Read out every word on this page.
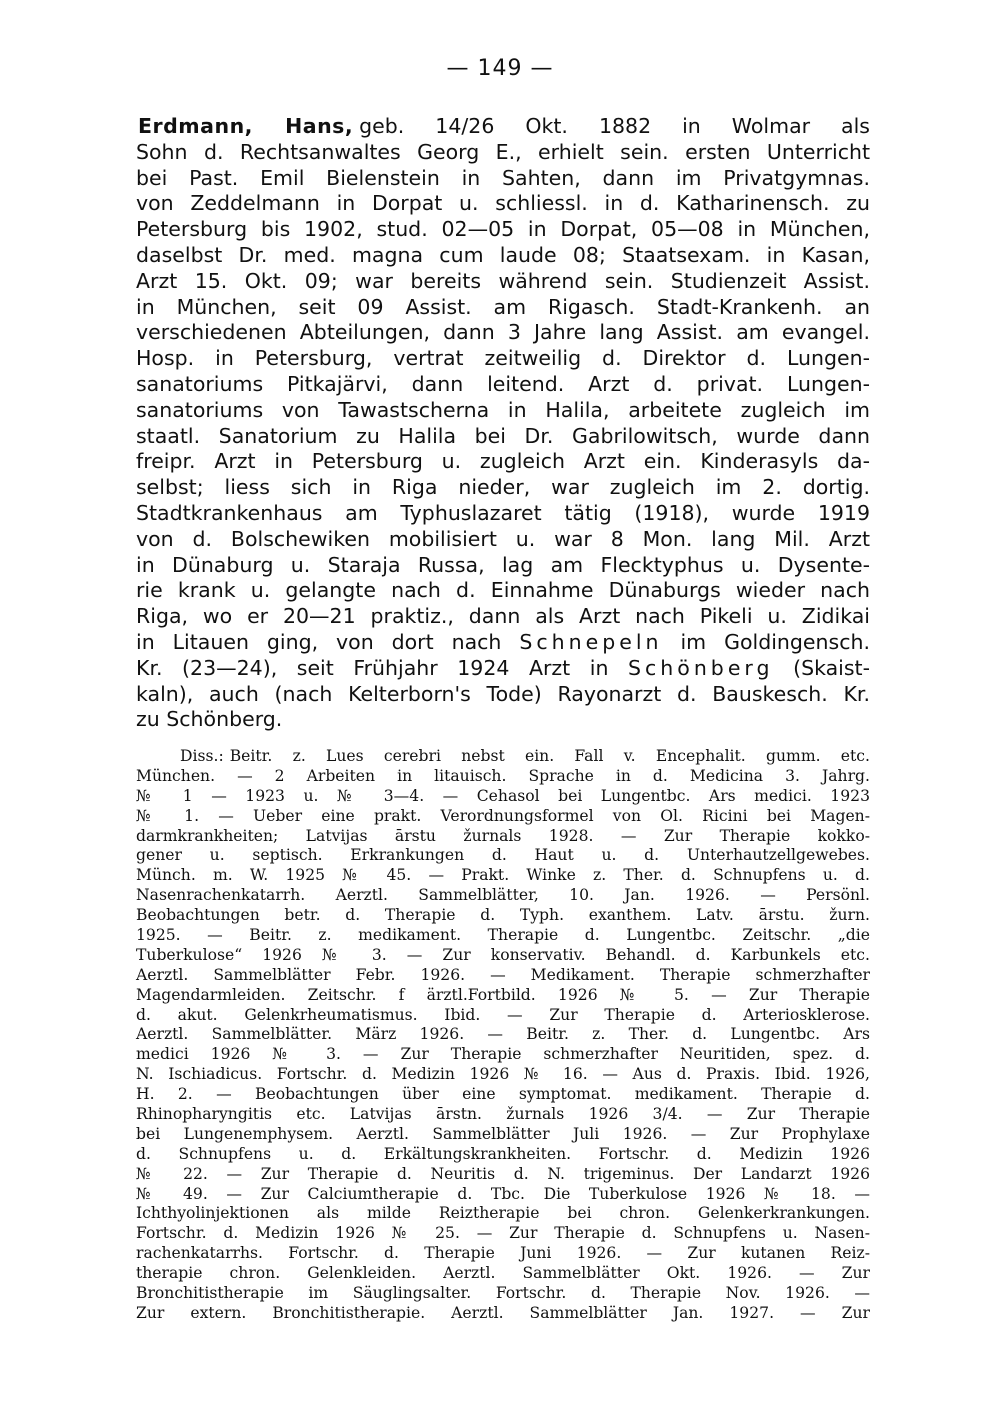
— 149 —
Erdmann, Hans, geb. 14/26 Okt. 1882 in Wolmar als
Sohn d. Rechtsanwaltes Georg E., erhielt sein. ersten Unterricht
bei Past. Emil Bielenstein in Sahten, dann im Privatgymnas.
von Zeddelmann in Dorpat u. schliessl. in d. Katharinensch. zu
Petersburg bis 1902, stud. 02—05 in Dorpat, 05—08 in München,
daselbst Dr. med. magna cum laude 08; Staatsexam. in Kasan,
Arzt 15. Okt. 09; war bereits während sein. Studienzeit Assist.
in München, seit 09 Assist. am Rigasch. Stadt-Krankenh. an
verschiedenen Abteilungen, dann 3 Jahre lang Assist. am evangel.
Hosp. in Petersburg, vertrat zeitweilig d. Direktor d. Lungen-
sanatoriums Pitkajärvi, dann leitend. Arzt d. privat. Lungen-
sanatoriums von Tawastscherna in Halila, arbeitete zugleich im
staatl. Sanatorium zu Halila bei Dr. Gabrilowitsch, wurde dann
freipr. Arzt in Petersburg u. zugleich Arzt ein. Kinderasyls da-
selbst; liess sich in Riga nieder, war zugleich im 2. dortig.
Stadtkrankenhaus am Typhuslazaret tätig (1918), wurde 1919
von d. Bolschewiken mobilisiert u. war 8 Mon. lang Mil. Arzt
in Dünaburg u. Staraja Russa, lag am Flecktyphus u. Dysente-
rie krank u. gelangte nach d. Einnahme Dünaburgs wieder nach
Riga, wo er 20—21 praktiz., dann als Arzt nach Pikeli u. Zidikai
in Litauen ging, von dort nach Schnepeln im Goldingensch.
Kr. (23—24), seit Frühjahr 1924 Arzt in Schönberg (Skaist-
kaln), auch (nach Kelterborn's Tode) Rayonarzt d. Bauskesch. Kr.
zu Schönberg.
Diss.: Beitr. z. Lues cerebri nebst ein. Fall v. Encephalit. gumm. etc.
München. — 2 Arbeiten in litauisch. Sprache in d. Medicina 3. Jahrg.
№ 1 — 1923 u. № 3—4. — Cehasol bei Lungentbc. Ars medici. 1923
№ 1. — Ueber eine prakt. Verordnungsformel von Ol. Ricini bei Magen-
darmkrankheiten; Latvijas ārstu žurnals 1928. — Zur Therapie kokko-
gener u. septisch. Erkrankungen d. Haut u. d. Unterhautzellgewebes.
Münch. m. W. 1925 № 45. — Prakt. Winke z. Ther. d. Schnupfens u. d.
Nasenrachenkatarrh. Aerztl. Sammelblätter, 10. Jan. 1926. — Persönl.
Beobachtungen betr. d. Therapie d. Typh. exanthem. Latv. ārstu. žurn.
1925. — Beitr. z. medikament. Therapie d. Lungentbc. Zeitschr. „die
Tuberkulose“ 1926 № 3. — Zur konservativ. Behandl. d. Karbunkels etc.
Aerztl. Sammelblätter Febr. 1926. — Medikament. Therapie schmerzhafter
Magendarmleiden. Zeitschr. f ärztl.Fortbild. 1926 № 5. — Zur Therapie
d. akut. Gelenkrheumatismus. Ibid. — Zur Therapie d. Arteriosklerose.
Aerztl. Sammelblätter. März 1926. — Beitr. z. Ther. d. Lungentbc. Ars
medici 1926 № 3. — Zur Therapie schmerzhafter Neuritiden, spez. d.
N. Ischiadicus. Fortschr. d. Medizin 1926 № 16. — Aus d. Praxis. Ibid. 1926,
H. 2. — Beobachtungen über eine symptomat. medikament. Therapie d.
Rhinopharyngitis etc. Latvijas ārstn. žurnals 1926 3/4. — Zur Therapie
bei Lungenemphysem. Aerztl. Sammelblätter Juli 1926. — Zur Prophylaxe
d. Schnupfens u. d. Erkältungskrankheiten. Fortschr. d. Medizin 1926
№ 22. — Zur Therapie d. Neuritis d. N. trigeminus. Der Landarzt 1926
№ 49. — Zur Calciumtherapie d. Tbc. Die Tuberkulose 1926 № 18. —
Ichthyolinjektionen als milde Reiztherapie bei chron. Gelenkerkrankungen.
Fortschr. d. Medizin 1926 № 25. — Zur Therapie d. Schnupfens u. Nasen-
rachenkatarrhs. Fortschr. d. Therapie Juni 1926. — Zur kutanen Reiz-
therapie chron. Gelenkleiden. Aerztl. Sammelblätter Okt. 1926. — Zur
Bronchitistherapie im Säuglingsalter. Fortschr. d. Therapie Nov. 1926. —
Zur extern. Bronchitistherapie. Aerztl. Sammelblätter Jan. 1927. — Zur
